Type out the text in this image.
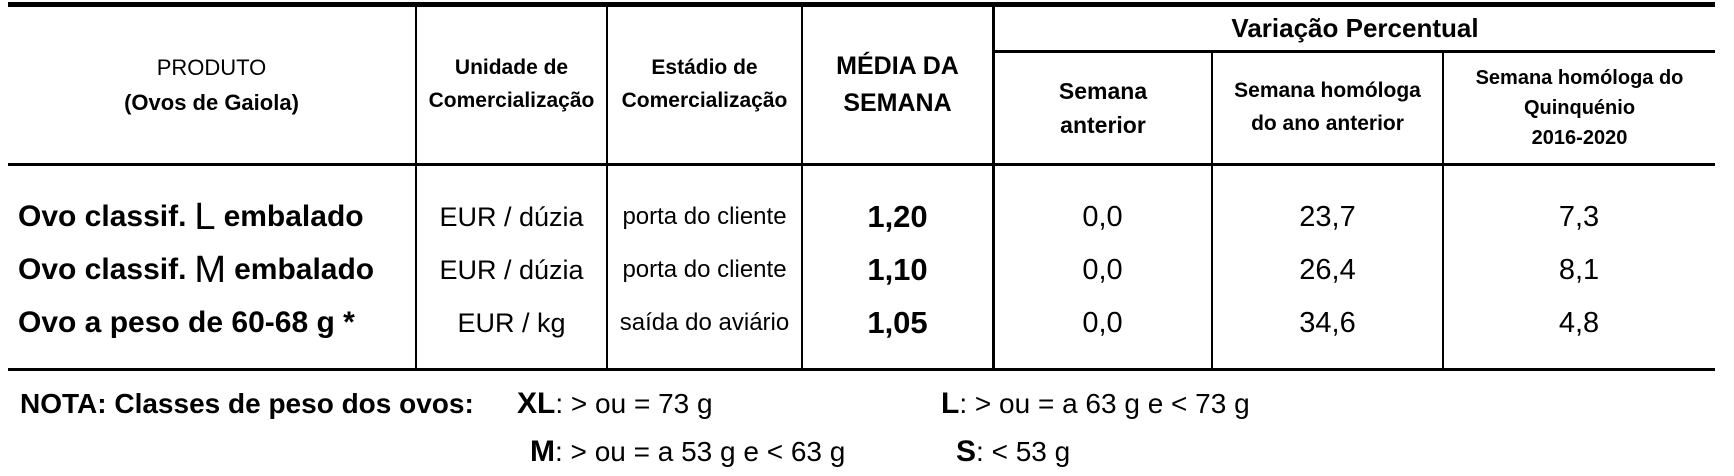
PRODUTO
(Ovos de Gaiola)
Unidade de Comercialização
Estádio de Comercialização
MÉDIA DA SEMANA
Variação Percentual
Semana anterior
Semana homóloga do ano anterior
Semana homóloga do Quinquénio
2016-2020
Ovo classif. L embalado	EUR / dúzia	porta do cliente	1,20	0,0	23,7	7,3
Ovo classif. M embalado	EUR / dúzia	porta do cliente	1,10	0,0	26,4	8,1
Ovo a peso de 60-68 g *	EUR / kg	saída do aviário	1,05	0,0	34,6	4,8
NOTA: Classes de peso dos ovos: XL: > ou = 73 g	L: > ou = a 63 g e < 73 g
M: > ou = a 53 g e < 63 g	S: < 53 g
